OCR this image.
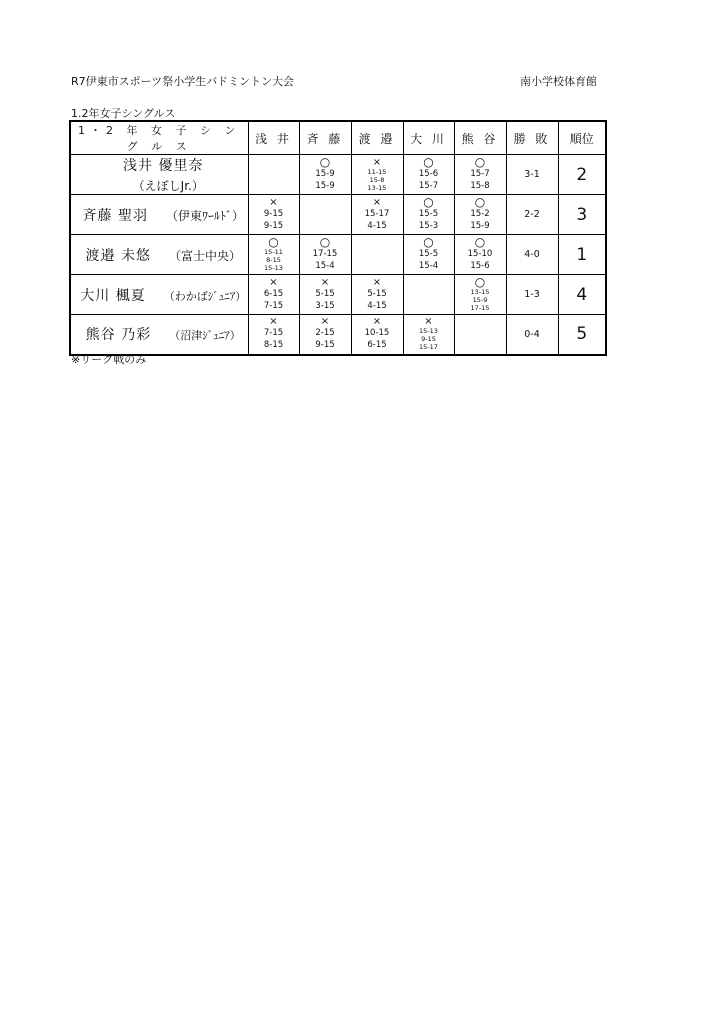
R7伊東市スポーツ祭小学生バドミントン大会	南小学校体育館
1.2年女子シングルス
1・2 年 女 子 シ ン グ ル ス	浅 井	斉 藤	渡 邉	大 川	熊 谷	勝 敗	順位
浅井 優里奈（えぼしJr.）		○
15-9
15-9	×
11-15
15-8
13-15	○
15-6
15-7	○
15-7
15-8	3-1	2
斉藤 聖羽 （伊東ﾜｰﾙﾄﾞ）	×
9-15
9-15		×
15-17
4-15	○
15-5
15-3	○
15-2
15-9	2-2	3
渡邉 未悠 （富士中央）	○
15-11
8-15
15-13	○
17-15
15-4		○
15-5
15-4	○
15-10
15-6	4-0	1
大川 楓夏 （わかばｼﾞｭﾆｱ）	×
6-15
7-15	×
5-15
3-15	×
5-15
4-15		○
13-15
15-9
17-15	1-3	4
熊谷 乃彩 （沼津ｼﾞｭﾆｱ）	×
7-15
8-15	×
2-15
9-15	×
10-15
6-15	×
15-13
9-15
15-17		0-4	5
※リーグ戦のみ
